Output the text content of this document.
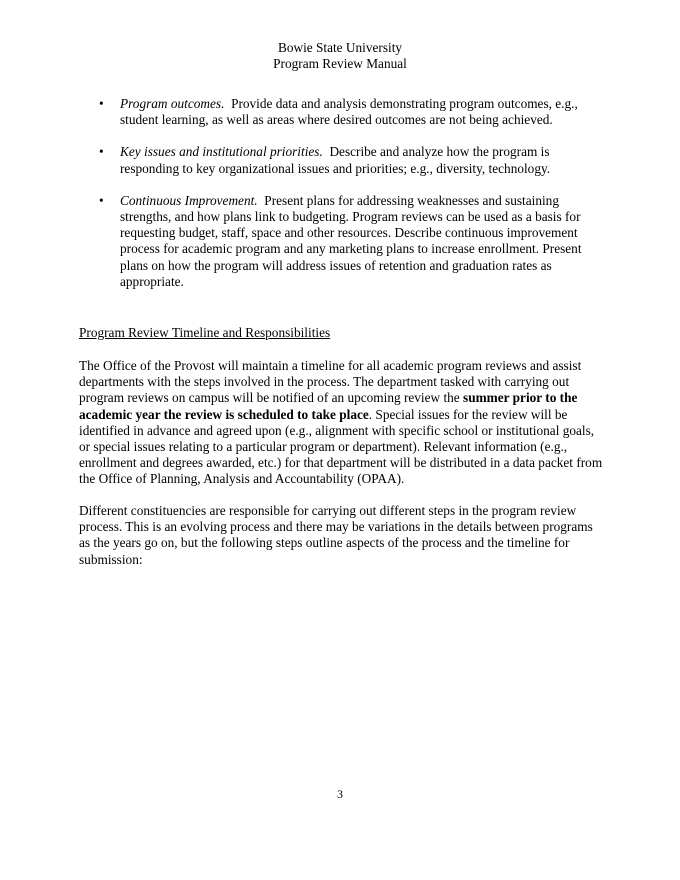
Bowie State University
Program Review Manual
• Program outcomes. Provide data and analysis demonstrating program outcomes, e.g., student learning, as well as areas where desired outcomes are not being achieved.
• Key issues and institutional priorities. Describe and analyze how the program is responding to key organizational issues and priorities; e.g., diversity, technology.
• Continuous Improvement. Present plans for addressing weaknesses and sustaining strengths, and how plans link to budgeting. Program reviews can be used as a basis for requesting budget, staff, space and other resources. Describe continuous improvement process for academic program and any marketing plans to increase enrollment. Present plans on how the program will address issues of retention and graduation rates as appropriate.
Program Review Timeline and Responsibilities
The Office of the Provost will maintain a timeline for all academic program reviews and assist departments with the steps involved in the process. The department tasked with carrying out program reviews on campus will be notified of an upcoming review the summer prior to the academic year the review is scheduled to take place. Special issues for the review will be identified in advance and agreed upon (e.g., alignment with specific school or institutional goals, or special issues relating to a particular program or department). Relevant information (e.g., enrollment and degrees awarded, etc.) for that department will be distributed in a data packet from the Office of Planning, Analysis and Accountability (OPAA).
Different constituencies are responsible for carrying out different steps in the program review process. This is an evolving process and there may be variations in the details between programs as the years go on, but the following steps outline aspects of the process and the timeline for submission:
3
